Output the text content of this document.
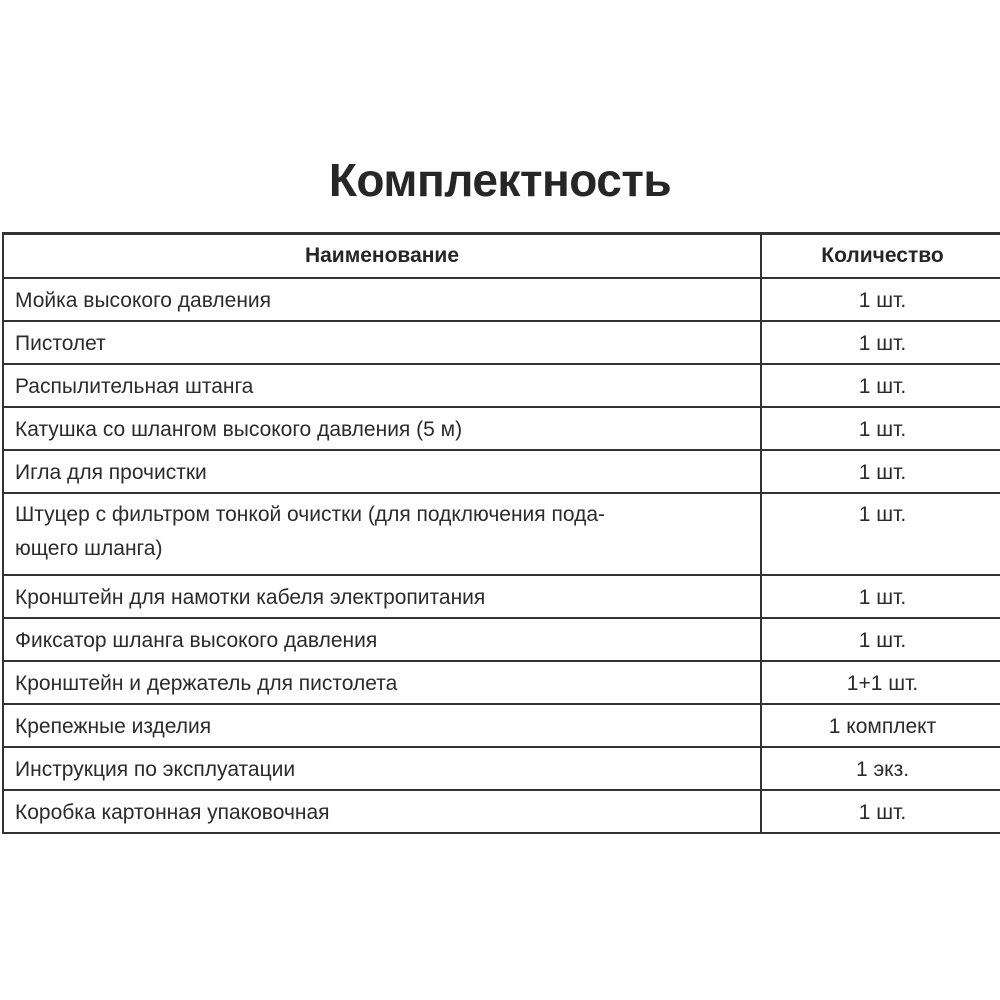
Комплектность
Наименование	Количество
Мойка высокого давления	1 шт.
Пистолет	1 шт.
Распылительная штанга	1 шт.
Катушка со шлангом высокого давления (5 м)	1 шт.
Игла для прочистки	1 шт.
Штуцер с фильтром тонкой очистки (для подключения пода-
ющего шланга)	1 шт.
Кронштейн для намотки кабеля электропитания	1 шт.
Фиксатор шланга высокого давления	1 шт.
Кронштейн и держатель для пистолета	1+1 шт.
Крепежные изделия	1 комплект
Инструкция по эксплуатации	1 экз.
Коробка картонная упаковочная	1 шт.
